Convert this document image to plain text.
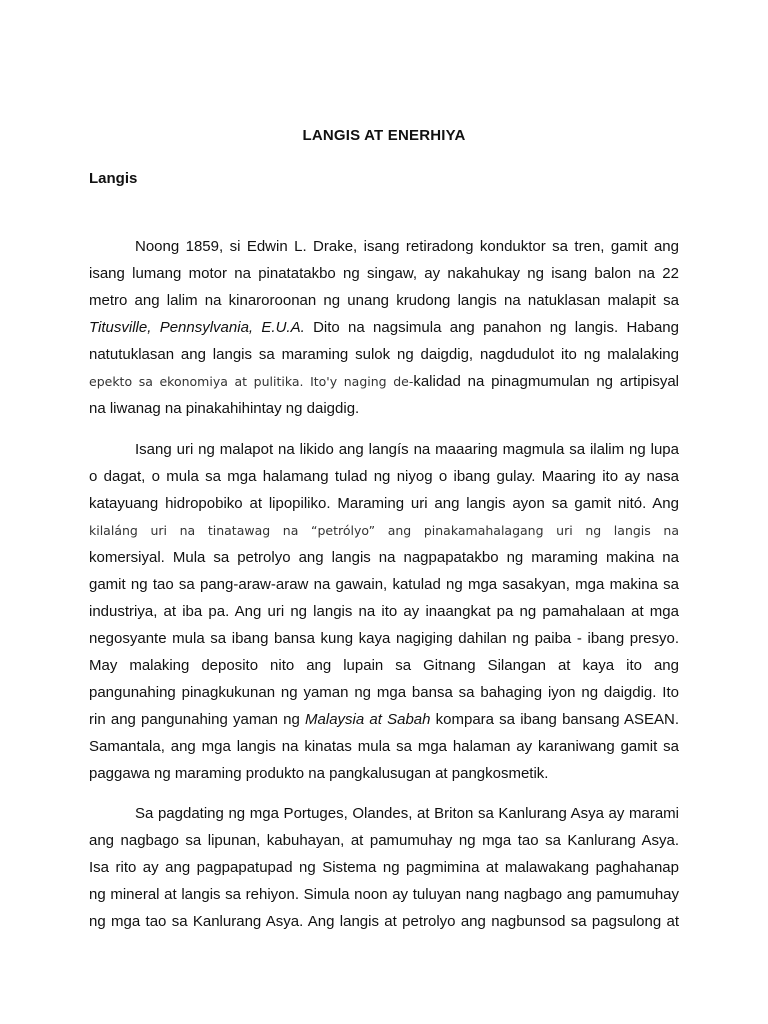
LANGIS AT ENERHIYA
Langis
Noong 1859, si Edwin L. Drake, isang retiradong konduktor sa tren, gamit ang
isang lumang motor na pinatatakbo ng singaw, ay nakahukay ng isang balon na 22
metro ang lalim na kinaroroonan ng unang krudong langis na natuklasan malapit sa
Titusville, Pennsylvania, E.U.A. Dito na nagsimula ang panahon ng langis. Habang
natutuklasan ang langis sa maraming sulok ng daigdig, nagdudulot ito ng malalaking
epekto sa ekonomiya at pulitika. Ito'y naging de-kalidad na pinagmumulan ng artipisyal
na liwanag na pinakahihintay ng daigdig.
Isang uri ng malapot na likido ang langís na maaaring magmula sa ilalim ng lupa
o dagat, o mula sa mga halamang tulad ng niyog o ibang gulay. Maaring ito ay nasa
katayuang hidropobiko at lipopiliko. Maraming uri ang langis ayon sa gamit nitó. Ang
kilaláng uri na tinatawag na “petrólyo” ang pinakamahalagang uri ng langis na
komersiyal. Mula sa petrolyo ang langis na nagpapatakbo ng maraming makina na
gamit ng tao sa pang-araw-araw na gawain, katulad ng mga sasakyan, mga makina sa
industriya, at iba pa. Ang uri ng langis na ito ay inaangkat pa ng pamahalaan at mga
negosyante mula sa ibang bansa kung kaya nagiging dahilan ng paiba - ibang presyo.
May malaking deposito nito ang lupain sa Gitnang Silangan at kaya ito ang
pangunahing pinagkukunan ng yaman ng mga bansa sa bahaging iyon ng daigdig. Ito
rin ang pangunahing yaman ng Malaysia at Sabah kompara sa ibang bansang ASEAN.
Samantala, ang mga langis na kinatas mula sa mga halaman ay karaniwang gamit sa
paggawa ng maraming produkto na pangkalusugan at pangkosmetik.
Sa pagdating ng mga Portuges, Olandes, at Briton sa Kanlurang Asya ay marami
ang nagbago sa lipunan, kabuhayan, at pamumuhay ng mga tao sa Kanlurang Asya.
Isa rito ay ang pagpapatupad ng Sistema ng pagmimina at malawakang paghahanap
ng mineral at langis sa rehiyon. Simula noon ay tuluyan nang nagbago ang pamumuhay
ng mga tao sa Kanlurang Asya. Ang langis at petrolyo ang nagbunsod sa pagsulong at
